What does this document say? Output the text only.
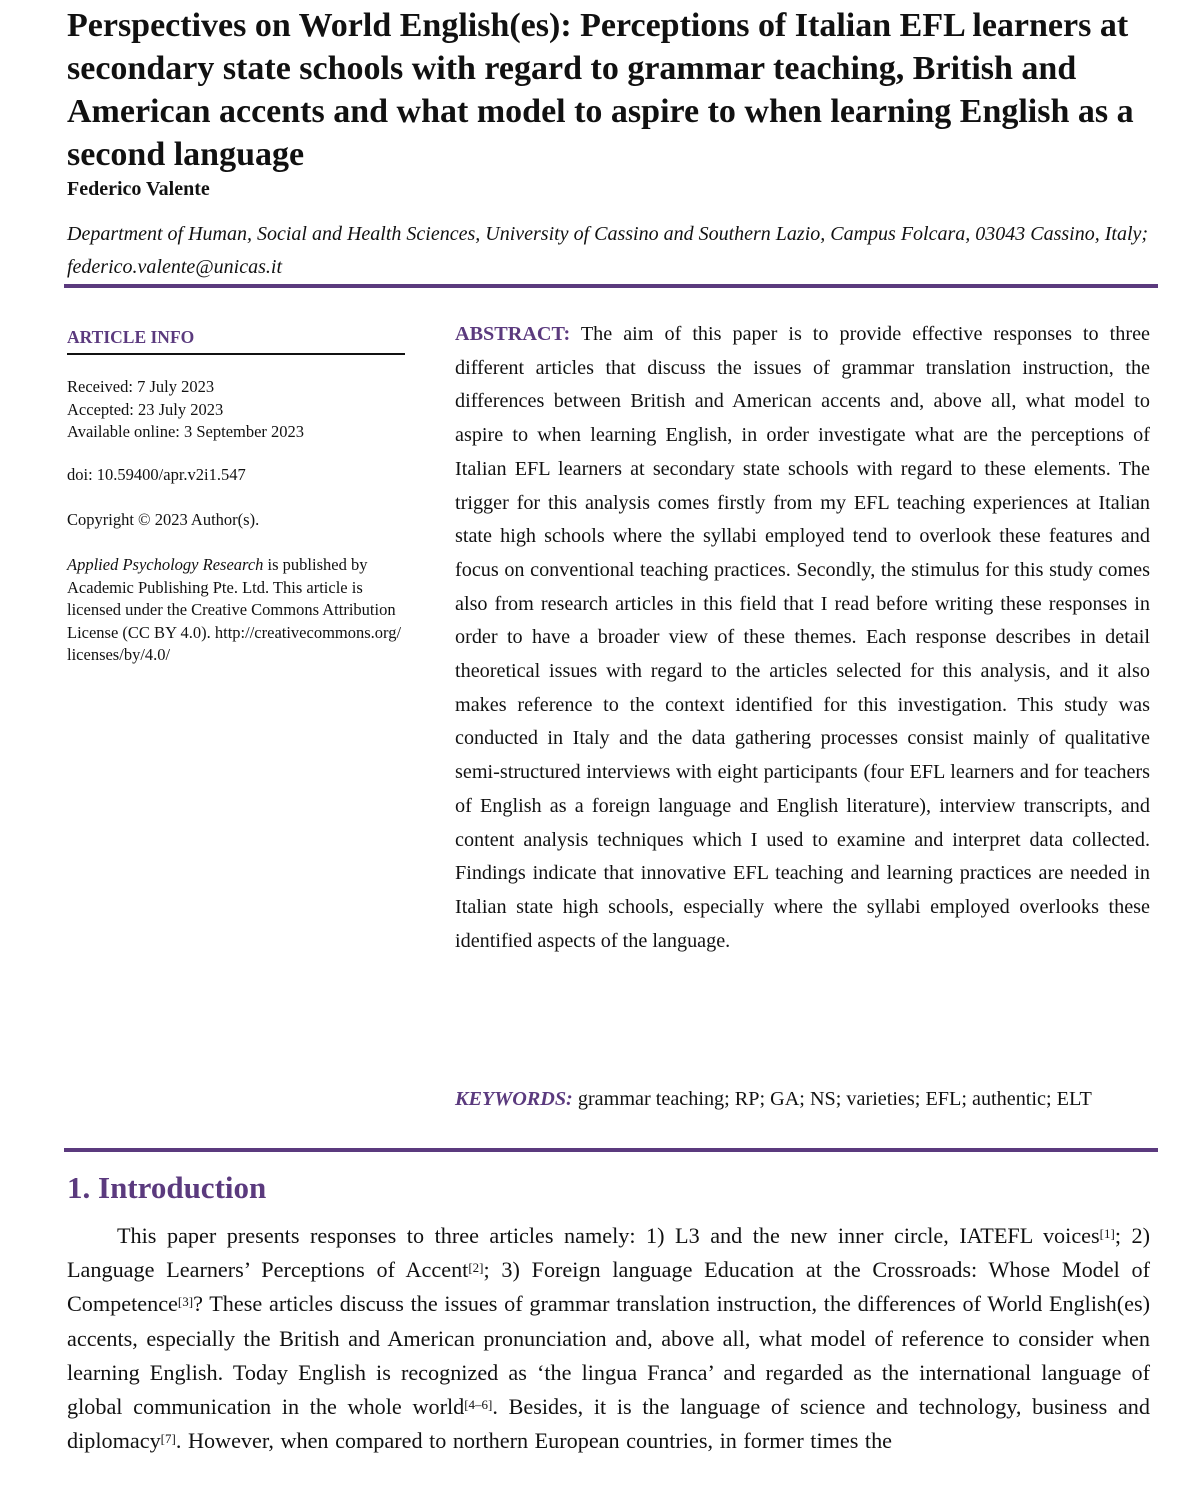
Perspectives on World English(es): Perceptions of Italian EFL learners at secondary state schools with regard to grammar teaching, British and American accents and what model to aspire to when learning English as a second language
Federico Valente
Department of Human, Social and Health Sciences, University of Cassino and Southern Lazio, Campus Folcara, 03043 Cassino, Italy; federico.valente@unicas.it
ARTICLE INFO
Received: 7 July 2023
Accepted: 23 July 2023
Available online: 3 September 2023
doi: 10.59400/apr.v2i1.547
Copyright © 2023 Author(s).
Applied Psychology Research is published by Academic Publishing Pte. Ltd. This article is licensed under the Creative Commons Attribution License (CC BY 4.0). http://creativecommons.org/licenses/by/4.0/

ABSTRACT: The aim of this paper is to provide effective responses to three different articles that discuss the issues of grammar translation instruction, the differences between British and American accents and, above all, what model to aspire to when learning English, in order investigate what are the perceptions of Italian EFL learners at secondary state schools with regard to these elements. The trigger for this analysis comes firstly from my EFL teaching experiences at Italian state high schools where the syllabi employed tend to overlook these features and focus on conventional teaching practices. Secondly, the stimulus for this study comes also from research articles in this field that I read before writing these responses in order to have a broader view of these themes. Each response describes in detail theoretical issues with regard to the articles selected for this analysis, and it also makes reference to the context identified for this investigation. This study was conducted in Italy and the data gathering processes consist mainly of qualitative semi-structured interviews with eight participants (four EFL learners and for teachers of English as a foreign language and English literature), interview transcripts, and content analysis techniques which I used to examine and interpret data collected. Findings indicate that innovative EFL teaching and learning practices are needed in Italian state high schools, especially where the syllabi employed overlooks these identified aspects of the language.

KEYWORDS: grammar teaching; RP; GA; NS; varieties; EFL; authentic; ELT

1. Introduction

This paper presents responses to three articles namely: 1) L3 and the new inner circle, IATEFL voices[1]; 2) Language Learners’ Perceptions of Accent[2]; 3) Foreign language Education at the Crossroads: Whose Model of Competence[3]? These articles discuss the issues of grammar translation instruction, the differences of World English(es) accents, especially the British and American pronunciation and, above all, what model of reference to consider when learning English. Today English is recognized as ‘the lingua Franca’ and regarded as the international language of global communication in the whole world[4–6]. Besides, it is the language of science and technology, business and diplomacy[7]. However, when compared to northern European countries, in former times the
